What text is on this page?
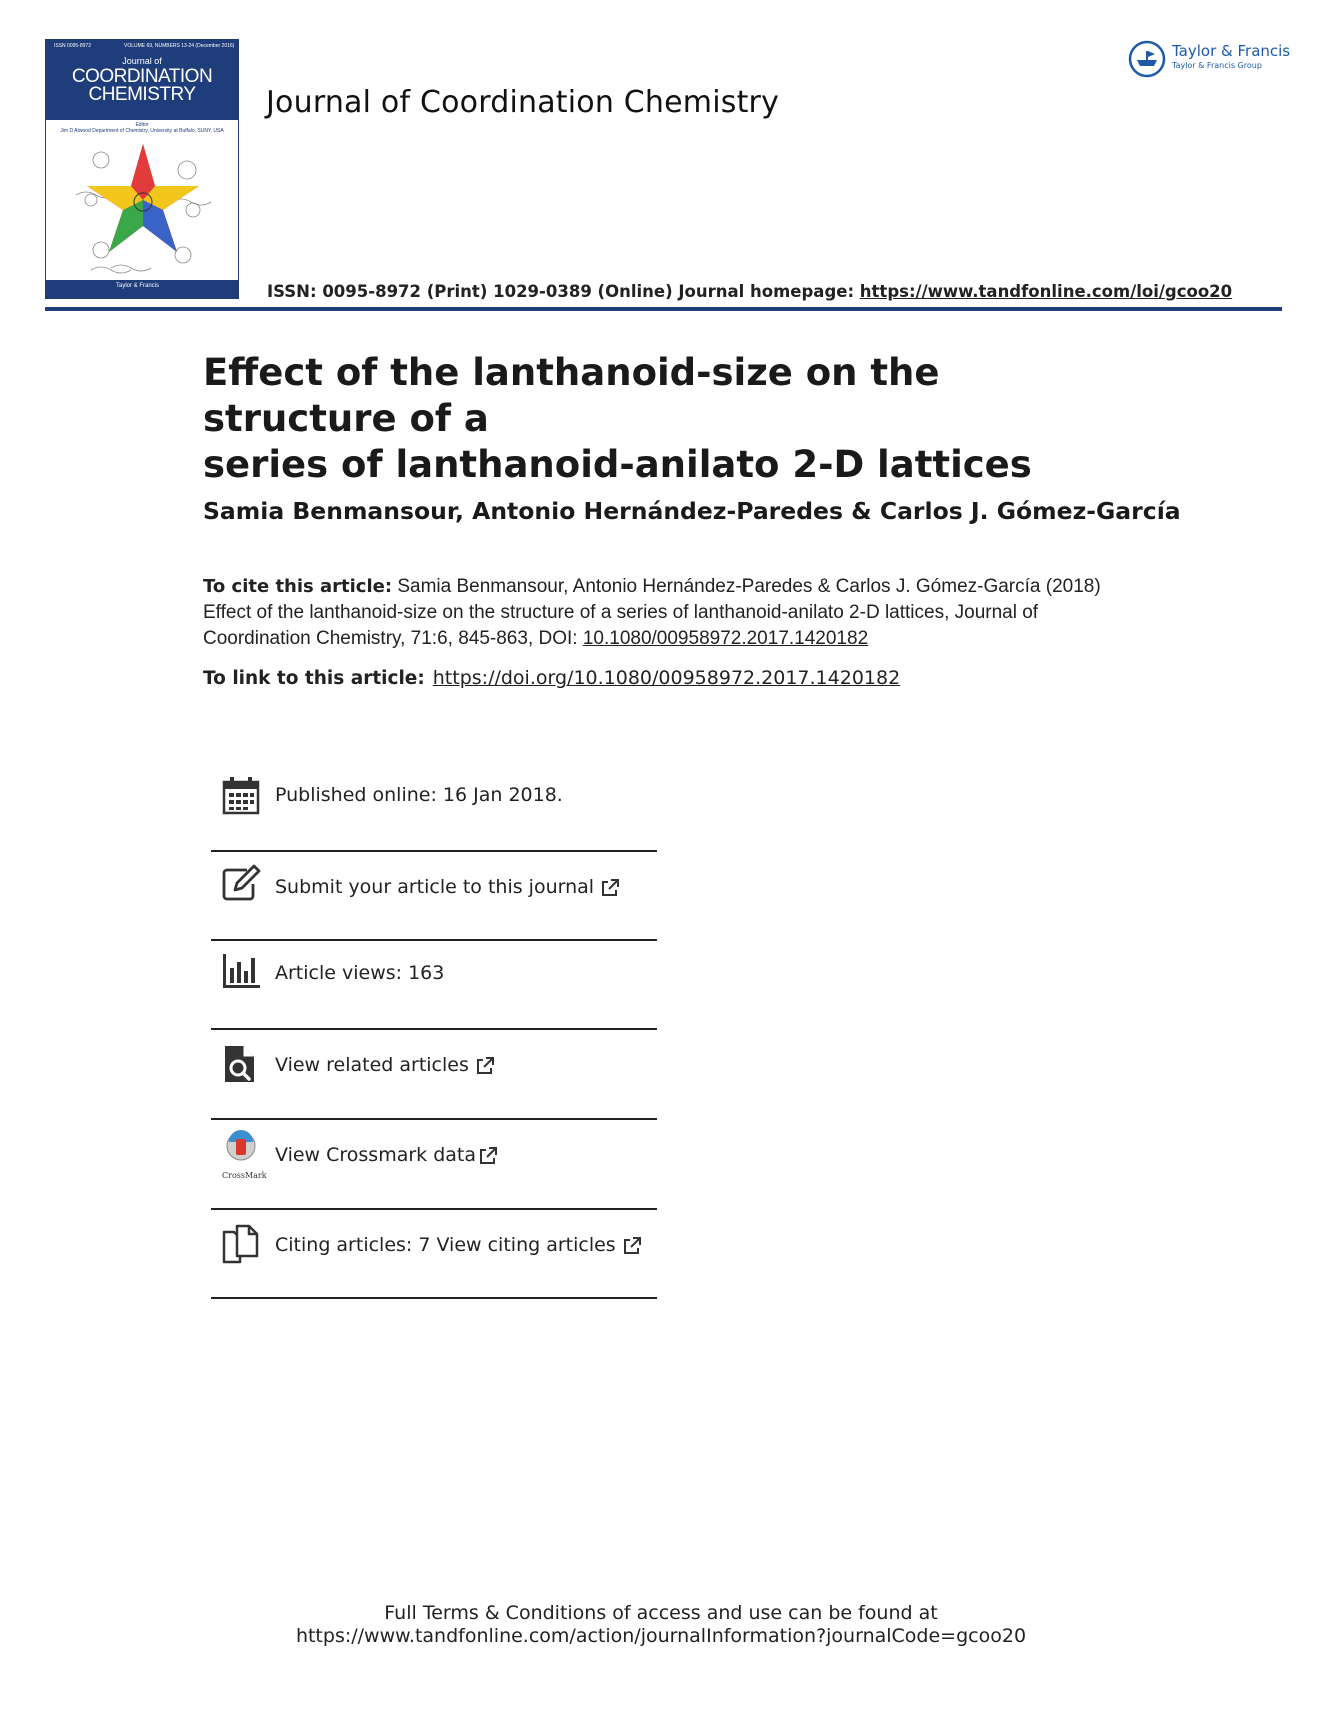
ISSN 0095-8972	VOLUME 69, NUMBERS 13-24 (December 2016)
Journal of
COORDINATION
CHEMISTRY
Editor
Jim D Atwood Department of Chemistry, University at Buffalo, SUNY, USA
Taylor & Francis
Journal of Coordination Chemistry
ISSN: 0095-8972 (Print) 1029-0389 (Online) Journal homepage: https://www.tandfonline.com/loi/gcoo20
Taylor & Francis
Taylor & Francis Group
Effect of the lanthanoid-size on the structure of a
series of lanthanoid-anilato 2-D lattices
Samia Benmansour, Antonio Hernández-Paredes & Carlos J. Gómez-García
To cite this article: Samia Benmansour, Antonio Hernández-Paredes & Carlos J. Gómez-García (2018) Effect of the lanthanoid-size on the structure of a series of lanthanoid-anilato 2-D lattices, Journal of Coordination Chemistry, 71:6, 845-863, DOI: 10.1080/00958972.2017.1420182
To link to this article: https://doi.org/10.1080/00958972.2017.1420182
Published online: 16 Jan 2018.
Submit your article to this journal
Article views: 163
View related articles
CrossMark
View Crossmark data
Citing articles: 7 View citing articles
Full Terms & Conditions of access and use can be found at
https://www.tandfonline.com/action/journalInformation?journalCode=gcoo20
